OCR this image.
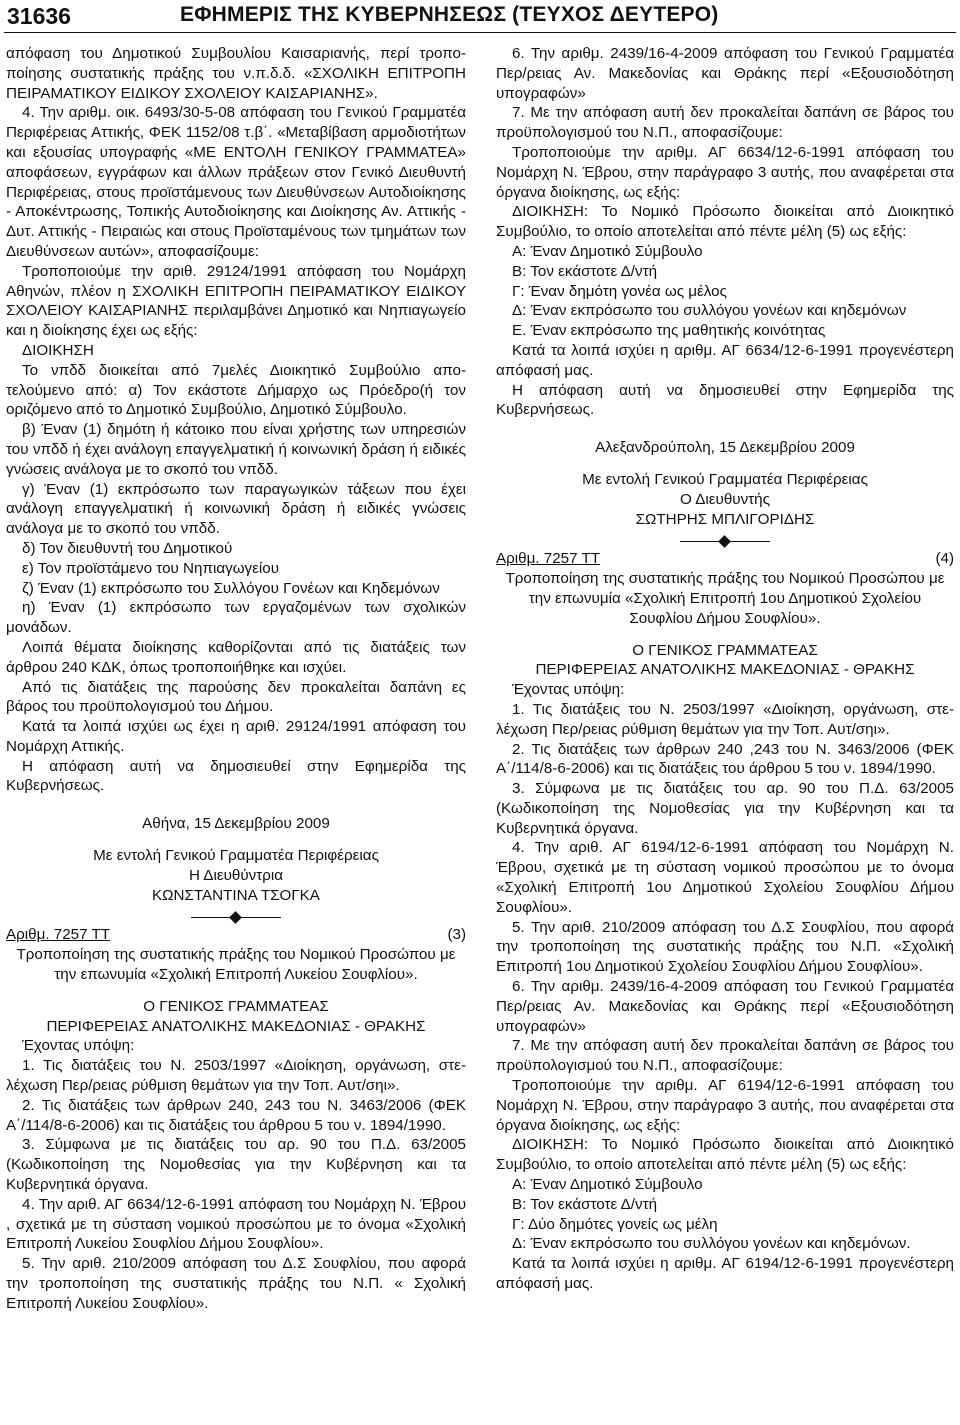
31636	ΕΦΗΜΕΡΙΣ ΤΗΣ ΚΥΒΕΡΝΗΣΕΩΣ (ΤΕΥΧΟΣ ΔΕΥΤΕΡΟ)

απόφαση του Δημοτικού Συμβουλίου Καισαριανής, περί τροποποίησης συστατικής πράξης του ν.π.δ.δ. «ΣΧΟΛΙΚΗ ΕΠΙΤΡΟΠΗ ΠΕΙΡΑΜΑΤΙΚΟΥ ΕΙΔΙΚΟΥ ΣΧΟΛΕΙΟΥ ΚΑΙΣΑΡΙΑΝΗΣ».

4. Την αριθμ. οικ. 6493/30-5-08 απόφαση του Γενικού Γραμματέα Περιφέρειας Αττικής, ΦΕΚ 1152/08 τ.β΄. «Μεταβίβαση αρμοδιοτήτων και εξουσίας υπογραφής «ΜΕ ΕΝΤΟΛΗ ΓΕΝΙΚΟΥ ΓΡΑΜΜΑΤΕΑ» αποφάσεων, εγγράφων και άλλων πράξεων στον Γενικό Διευθυντή Περιφέρειας, στους προϊστάμενους των Διευθύνσεων Αυτοδιοίκησης - Αποκέντρωσης, Τοπικής Αυτοδιοίκησης και Διοίκησης Αν. Αττικής - Δυτ. Αττικής - Πειραιώς και στους Προϊσταμένους των τμημάτων των Διευθύνσεων αυτών», αποφασίζουμε:

Τροποποιούμε την αριθ. 29124/1991 απόφαση του Νομάρχη Αθηνών, πλέον η ΣΧΟΛΙΚΗ ΕΠΙΤΡΟΠΗ ΠΕΙΡΑΜΑΤΙΚΟΥ ΕΙΔΙΚΟΥ ΣΧΟΛΕΙΟΥ ΚΑΙΣΑΡΙΑΝΗΣ περιλαμβάνει Δημοτικό και Νηπιαγωγείο και η διοίκησης έχει ως εξής:

ΔΙΟΙΚΗΣΗ

Το νπδδ διοικείται από 7μελές Διοικητικό Συμβούλιο αποτελούμενο από: α) Τον εκάστοτε Δήμαρχο ως Πρόεδρο(ή τον οριζόμενο από το Δημοτικό Συμβούλιο, Δημοτικό Σύμβουλο.

β) Έναν (1) δημότη ή κάτοικο που είναι χρήστης των υπηρεσιών του νπδδ ή έχει ανάλογη επαγγελματική ή κοινωνική δράση ή ειδικές γνώσεις ανάλογα με το σκοπό του νπδδ.

γ) Έναν (1) εκπρόσωπο των παραγωγικών τάξεων που έχει ανάλογη επαγγελματική ή κοινωνική δράση ή ειδικές γνώσεις ανάλογα με το σκοπό του νπδδ.

δ) Τον διευθυντή του Δημοτικού

ε) Τον προϊστάμενο του Νηπιαγωγείου

ζ) Έναν (1) εκπρόσωπο του Συλλόγου Γονέων και Κηδεμόνων

η) Έναν (1) εκπρόσωπο των εργαζομένων των σχολικών μονάδων.

Λοιπά θέματα διοίκησης καθορίζονται από τις διατάξεις των άρθρου 240 ΚΔΚ, όπως τροποποιήθηκε και ισχύει.

Από τις διατάξεις της παρούσης δεν προκαλείται δαπάνη ες βάρος του προϋπολογισμού του Δήμου.

Κατά τα λοιπά ισχύει ως έχει η αριθ. 29124/1991 απόφαση του Νομάρχη Αττικής.

Η απόφαση αυτή να δημοσιευθεί στην Εφημερίδα της Κυβερνήσεως.

Αθήνα, 15 Δεκεμβρίου 2009

Με εντολή Γενικού Γραμματέα Περιφέρειας

Η Διευθύντρια

ΚΩΝΣΤΑΝΤΙΝΑ ΤΣΟΓΚΑ

Αριθμ. 7257 ΤΤ	(3)

Τροποποίηση της συστατικής πράξης του Νομικού Προσώπου με την επωνυμία «Σχολική Επιτροπή Λυκείου Σουφλίου».

Ο ΓΕΝΙΚΟΣ ΓΡΑΜΜΑΤΕΑΣ

ΠΕΡΙΦΕΡΕΙΑΣ ΑΝΑΤΟΛΙΚΗΣ ΜΑΚΕΔΟΝΙΑΣ - ΘΡΑΚΗΣ

Έχοντας υπόψη:

1. Τις διατάξεις του Ν. 2503/1997 «Διοίκηση, οργάνωση, στελέχωση Περ/ρειας ρύθμιση θεμάτων για την Τοπ. Αυτ/σηι».

2. Τις διατάξεις των άρθρων 240, 243 του Ν. 3463/2006 (ΦΕΚ Α΄/114/8-6-2006) και τις διατάξεις του άρθρου 5 του ν. 1894/1990.

3. Σύμφωνα με τις διατάξεις του αρ. 90 του Π.Δ. 63/2005 (Κωδικοποίηση της Νομοθεσίας για την Κυβέρνηση και τα Κυβερνητικά όργανα.

4. Την αριθ. ΑΓ 6634/12-6-1991 απόφαση του Νομάρχη Ν. Έβρου , σχετικά με τη σύσταση νομικού προσώπου με το όνομα «Σχολική Επιτροπή Λυκείου Σουφλίου Δήμου Σουφλίου».

5. Την αριθ. 210/2009 απόφαση του Δ.Σ Σουφλίου, που αφορά την τροποποίηση της συστατικής πράξης του Ν.Π. « Σχολική Επιτροπή Λυκείου Σουφλίου».

6. Την αριθμ. 2439/16-4-2009 απόφαση του Γενικού Γραμματέα Περ/ρειας Αν. Μακεδονίας και Θράκης περί «Εξουσιοδότηση υπογραφών»

7. Με την απόφαση αυτή δεν προκαλείται δαπάνη σε βάρος του προϋπολογισμού του Ν.Π., αποφασίζουμε:

Τροποποιούμε την αριθμ. ΑΓ 6634/12-6-1991 απόφαση του Νομάρχη Ν. Έβρου, στην παράγραφο 3 αυτής, που αναφέρεται στα όργανα διοίκησης, ως εξής:

ΔΙΟΙΚΗΣΗ: Το Νομικό Πρόσωπο διοικείται από Διοικητικό Συμβούλιο, το οποίο αποτελείται από πέντε μέλη (5) ως εξής:

Α: Έναν Δημοτικό Σύμβουλο

Β: Τον εκάστοτε Δ/ντή

Γ: Έναν δημότη γονέα ως μέλος

Δ: Έναν εκπρόσωπο του συλλόγου γονέων και κηδεμόνων

Ε. Έναν εκπρόσωπο της μαθητικής κοινότητας

Κατά τα λοιπά ισχύει η αριθμ. ΑΓ 6634/12-6-1991 προγενέστερη απόφασή μας.

Η απόφαση αυτή να δημοσιευθεί στην Εφημερίδα της Κυβερνήσεως.

Αλεξανδρούπολη, 15 Δεκεμβρίου 2009

Με εντολή Γενικού Γραμματέα Περιφέρειας

Ο Διευθυντής

ΣΩΤΗΡΗΣ ΜΠΛΙΓΟΡΙΔΗΣ

Αριθμ. 7257 ΤΤ	(4)

Τροποποίηση της συστατικής πράξης του Νομικού Προσώπου με την επωνυμία «Σχολική Επιτροπή 1ου Δημοτικού Σχολείου Σουφλίου Δήμου Σουφλίου».

Ο ΓΕΝΙΚΟΣ ΓΡΑΜΜΑΤΕΑΣ

ΠΕΡΙΦΕΡΕΙΑΣ ΑΝΑΤΟΛΙΚΗΣ ΜΑΚΕΔΟΝΙΑΣ - ΘΡΑΚΗΣ

Έχοντας υπόψη:

1. Τις διατάξεις του Ν. 2503/1997 «Διοίκηση, οργάνωση, στελέχωση Περ/ρειας ρύθμιση θεμάτων για την Τοπ. Αυτ/σηι».

2. Τις διατάξεις των άρθρων 240 ,243 του Ν. 3463/2006 (ΦΕΚ Α΄/114/8-6-2006) και τις διατάξεις του άρθρου 5 του ν. 1894/1990.

3. Σύμφωνα με τις διατάξεις του αρ. 90 του Π.Δ. 63/2005 (Κωδικοποίηση της Νομοθεσίας για την Κυβέρνηση και τα Κυβερνητικά όργανα.

4. Την αριθ. ΑΓ 6194/12-6-1991 απόφαση του Νομάρχη Ν. Έβρου, σχετικά με τη σύσταση νομικού προσώπου με το όνομα «Σχολική Επιτροπή 1ου Δημοτικού Σχολείου Σουφλίου Δήμου Σουφλίου».

5. Την αριθ. 210/2009 απόφαση του Δ.Σ Σουφλίου, που αφορά την τροποποίηση της συστατικής πράξης του Ν.Π. «Σχολική Επιτροπή 1ου Δημοτικού Σχολείου Σουφλίου Δήμου Σουφλίου».

6. Την αριθμ. 2439/16-4-2009 απόφαση του Γενικού Γραμματέα Περ/ρειας Αν. Μακεδονίας και Θράκης περί «Εξουσιοδότηση υπογραφών»

7. Με την απόφαση αυτή δεν προκαλείται δαπάνη σε βάρος του προϋπολογισμού του Ν.Π., αποφασίζουμε:

Τροποποιούμε την αριθμ. ΑΓ 6194/12-6-1991 απόφαση του Νομάρχη Ν. Έβρου, στην παράγραφο 3 αυτής, που αναφέρεται στα όργανα διοίκησης, ως εξής:

ΔΙΟΙΚΗΣΗ: Το Νομικό Πρόσωπο διοικείται από Διοικητικό Συμβούλιο, το οποίο αποτελείται από πέντε μέλη (5) ως εξής:

Α: Έναν Δημοτικό Σύμβουλο

Β: Τον εκάστοτε Δ/ντή

Γ: Δύο δημότες γονείς ως μέλη

Δ: Έναν εκπρόσωπο του συλλόγου γονέων και κηδεμόνων.

Κατά τα λοιπά ισχύει η αριθμ. ΑΓ 6194/12-6-1991 προγενέστερη απόφασή μας.
